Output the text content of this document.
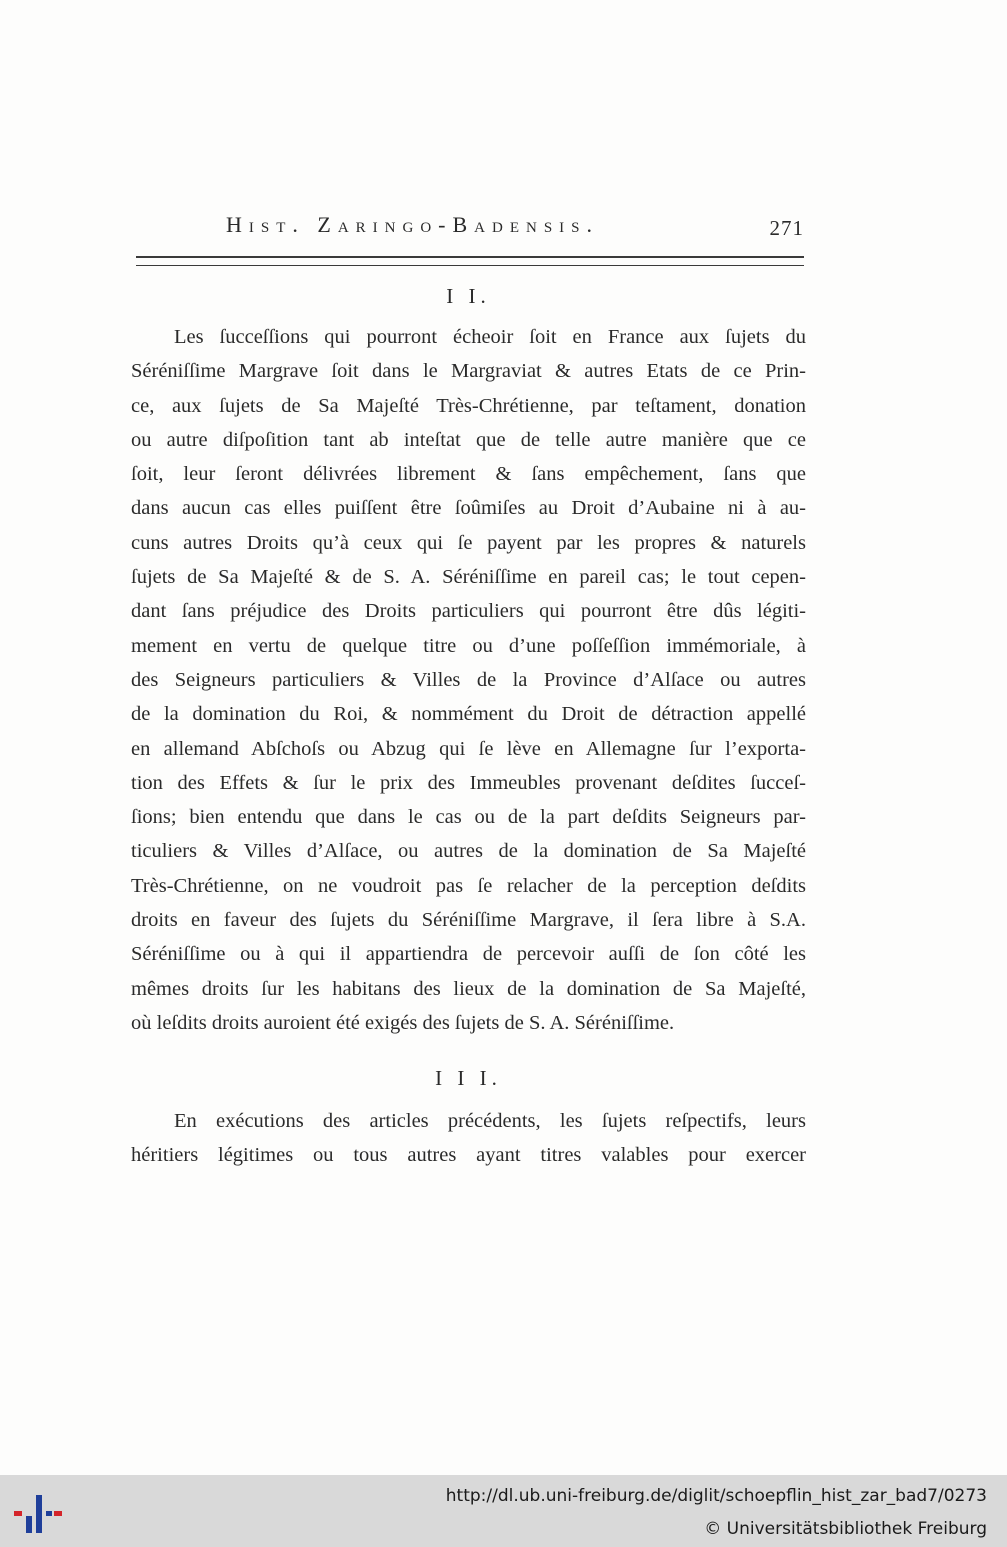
Hist. Zaringo-Badensis.	271
I I.
Les ſucceſſions qui pourront écheoir ſoit en France aux ſujets du
Séréniſſime Margrave ſoit dans le Margraviat & autres Etats de ce Prin-
ce, aux ſujets de Sa Majeſté Très-Chrétienne, par teſtament, donation
ou autre diſpoſition tant ab inteſtat que de telle autre manière que ce
ſoit, leur ſeront délivrées librement & ſans empêchement, ſans que
dans aucun cas elles puiſſent être ſoûmiſes au Droit d’Aubaine ni à au-
cuns autres Droits qu’à ceux qui ſe payent par les propres & naturels
ſujets de Sa Majeſté & de S. A. Séréniſſime en pareil cas; le tout cepen-
dant ſans préjudice des Droits particuliers qui pourront être dûs légiti-
mement en vertu de quelque titre ou d’une poſſeſſion immémoriale, à
des Seigneurs particuliers & Villes de la Province d’Alſace ou autres
de la domination du Roi, & nommément du Droit de détraction appellé
en allemand Abſchoſs ou Abzug qui ſe lève en Allemagne ſur l’exporta-
tion des Effets & ſur le prix des Immeubles provenant deſdites ſucceſ-
ſions; bien entendu que dans le cas ou de la part deſdits Seigneurs par-
ticuliers & Villes d’Alſace, ou autres de la domination de Sa Majeſté
Très-Chrétienne, on ne voudroit pas ſe relacher de la perception deſdits
droits en faveur des ſujets du Séréniſſime Margrave, il ſera libre à S.A.
Séréniſſime ou à qui il appartiendra de percevoir auſſi de ſon côté les
mêmes droits ſur les habitans des lieux de la domination de Sa Majeſté,
où leſdits droits auroient été exigés des ſujets de S. A. Séréniſſime.
I I I.
En exécutions des articles précédents, les ſujets reſpectifs, leurs
héritiers légitimes ou tous autres ayant titres valables pour exercer
http://dl.ub.uni-freiburg.de/diglit/schoepflin_hist_zar_bad7/0273
© Universitätsbibliothek Freiburg
